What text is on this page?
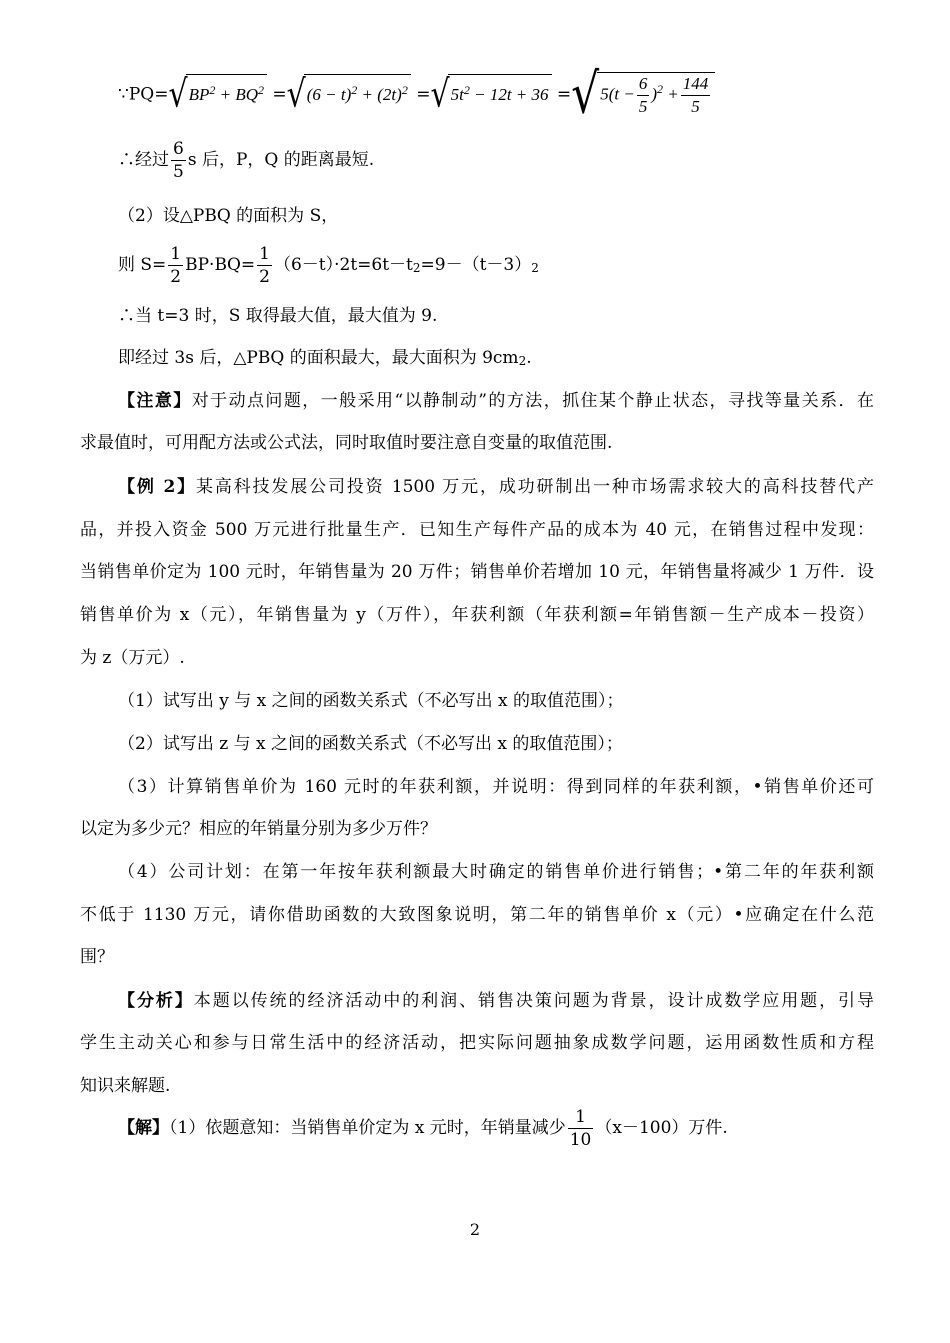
$\because PQ=√BP^2 + BQ^2 =√(6 - t)^2 + (2t)^2 =√5t^2 - 12t + 36 =√5(t - \frac{6}{5} )^2 + \frac{144}{5}$
∴经过 $\frac{6}{5}$ s 后，P，Q 的距离最短.
（2）设△PBQ 的面积为 S，
则 $S= \frac{1}{2} BP\cdot BQ= \frac{1}{2} (6-t)\cdot 2t=6t-t2=9-(t-3)2$
∴当 t=3 时，S 取得最大值，最大值为 9.
即经过 3s 后，△PBQ 的面积最大，最大面积为 9cm2.
【注意】对于动点问题，一般采用“以静制动”的方法，抓住某个静止状态，寻找等量关系．在
求最值时，可用配方法或公式法，同时取值时要注意自变量的取值范围.
【例 2】某高科技发展公司投资 1500 万元，成功研制出一种市场需求较大的高科技替代产
品，并投入资金 500 万元进行批量生产．已知生产每件产品的成本为 40 元，在销售过程中发现：
当销售单价定为 100 元时，年销售量为 20 万件；销售单价若增加 10 元，年销售量将减少 1 万件．设
销售单价为 x（元），年销售量为 y（万件），年获利额（年获利额=年销售额－生产成本－投资）
为 z（万元）.
（1）试写出 y 与 x 之间的函数关系式（不必写出 x 的取值范围）；
（2）试写出 z 与 x 之间的函数关系式（不必写出 x 的取值范围）；
（3）计算销售单价为 160 元时的年获利额，并说明：得到同样的年获利额，•销售单价还可
以定为多少元？相应的年销量分别为多少万件？
（4）公司计划：在第一年按年获利额最大时确定的销售单价进行销售；•第二年的年获利额
不低于 1130 万元，请你借助函数的大致图象说明，第二年的销售单价 x（元）•应确定在什么范
围？
【分析】本题以传统的经济活动中的利润、销售决策问题为背景，设计成数学应用题，引导
学生主动关心和参与日常生活中的经济活动，把实际问题抽象成数学问题，运用函数性质和方程
知识来解题.
【解】（1）依题意知：当销售单价定为 x 元时，年销量减少 $\frac{1}{10} (x-100)$万件.
2
